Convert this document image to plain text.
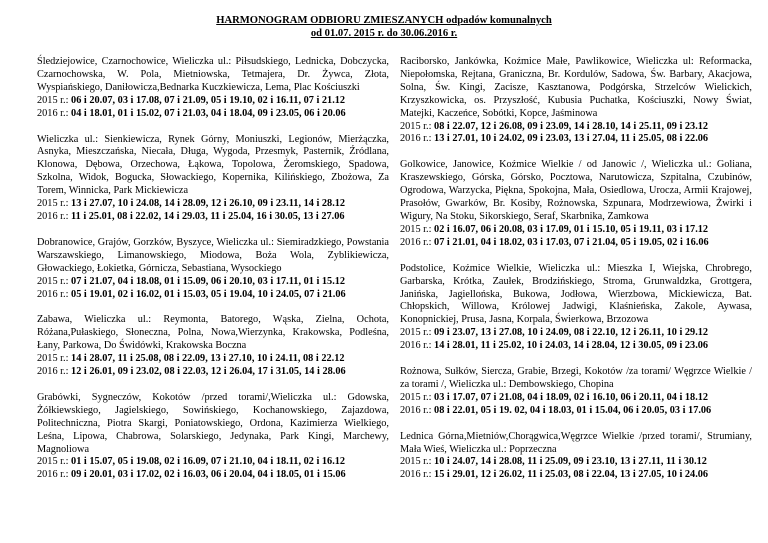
HARMONOGRAM ODBIORU ZMIESZANYCH odpadów komunalnych
od 01.07. 2015 r. do 30.06.2016 r.
Śledziejowice, Czarnochowice, Wieliczka ul.: Piłsudskiego, Lednicka, Dobczycka, Czarnochowska, W. Pola, Mietniowska, Tetmajera, Dr. Żywca, Złota, Wyspiańskiego, Daniłowicza,Bednarka Kuczkiewicza, Lema, Plac Kościuszki
2015 r.: 06 i 20.07, 03 i 17.08, 07 i 21.09, 05 i 19.10, 02 i 16.11, 07 i 21.12
2016 r.: 04 i 18.01, 01 i 15.02, 07 i 21.03, 04 i 18.04, 09 i 23.05, 06 i 20.06
Wieliczka ul.: Sienkiewicza, Rynek Górny, Moniuszki, Legionów, Mierżączka, Asnyka, Mieszczańska, Niecała, Długa, Wygoda, Przesmyk, Pasternik, Źródlana, Klonowa, Dębowa, Orzechowa, Łąkowa, Topolowa, Żeromskiego, Spadowa, Szkolna, Widok, Bogucka, Słowackiego, Kopernika, Kilińskiego, Zbożowa, Za Torem, Winnicka, Park Mickiewicza
2015 r.: 13 i 27.07, 10 i 24.08, 14 i 28.09, 12 i 26.10, 09 i 23.11, 14 i 28.12
2016 r.: 11 i 25.01, 08 i 22.02, 14 i 29.03, 11 i 25.04, 16 i 30.05, 13 i 27.06
Dobranowice, Grajów, Gorzków, Byszyce, Wieliczka ul.: Siemiradzkiego, Powstania Warszawskiego, Limanowskiego, Miodowa, Boża Wola, Zyblikiewicza, Głowackiego, Łokietka, Górnicza, Sebastiana, Wysockiego
2015 r.: 07 i 21.07, 04 i 18.08, 01 i 15.09, 06 i 20.10, 03 i 17.11, 01 i 15.12
2016 r.: 05 i 19.01, 02 i 16.02, 01 i 15.03, 05 i 19.04, 10 i 24.05, 07 i 21.06
Zabawa, Wieliczka ul.: Reymonta, Batorego, Wąska, Zielna, Ochota, Różana,Pułaskiego, Słoneczna, Polna, Nowa,Wierzynka, Krakowska, Podleśna, Łany, Parkowa, Do Świdówki, Krakowska Boczna
2015 r.: 14 i 28.07, 11 i 25.08, 08 i 22.09, 13 i 27.10, 10 i 24.11, 08 i 22.12
2016 r.: 12 i 26.01, 09 i 23.02, 08 i 22.03, 12 i 26.04, 17 i 31.05, 14 i 28.06
Grabówki, Sygneczów, Kokotów /przed torami/,Wieliczka ul.: Gdowska, Żółkiewskiego, Jagielskiego, Sowińskiego, Kochanowskiego, Zajazdowa, Politechniczna, Piotra Skargi, Poniatowskiego, Ordona, Kazimierza Wielkiego, Leśna, Lipowa, Chabrowa, Solarskiego, Jedynaka, Park Kingi, Marchewy, Magnoliowa
2015 r.: 01 i 15.07, 05 i 19.08, 02 i 16.09, 07 i 21.10, 04 i 18.11, 02 i 16.12
2016 r.: 09 i 20.01, 03 i 17.02, 02 i 16.03, 06 i 20.04, 04 i 18.05, 01 i 15.06
Raciborsko, Jankówka, Koźmice Małe, Pawlikowice, Wieliczka ul: Reformacka, Niepołomska, Rejtana, Graniczna, Br. Kordulów, Sadowa, Św. Barbary, Akacjowa, Solna, Św. Kingi, Zacisze, Kasztanowa, Podgórska, Strzelców Wielickich, Krzyszkowicka, os. Przyszłość, Kubusia Puchatka, Kościuszki, Nowy Świat, Matejki, Kaczeńce, Sobótki, Kopce, Jaśminowa
2015 r.: 08 i 22.07, 12 i 26.08, 09 i 23.09, 14 i 28.10, 14 i 25.11, 09 i 23.12
2016 r.: 13 i 27.01, 10 i 24.02, 09 i 23.03, 13 i 27.04, 11 i 25.05, 08 i 22.06
Golkowice, Janowice, Koźmice Wielkie / od Janowic /, Wieliczka ul.: Goliana, Kraszewskiego, Górska, Górsko, Pocztowa, Narutowicza, Szpitalna, Czubinów, Ogrodowa, Warzycka, Piękna, Spokojna, Mała, Osiedlowa, Urocza, Armii Krajowej, Prasołów, Gwarków, Br. Kosiby, Rożnowska, Szpunara, Modrzewiowa, Żwirki i Wigury, Na Stoku, Sikorskiego, Seraf, Skarbnika, Zamkowa
2015 r.: 02 i 16.07, 06 i 20.08, 03 i 17.09, 01 i 15.10, 05 i 19.11, 03 i 17.12
2016 r.: 07 i 21.01, 04 i 18.02, 03 i 17.03, 07 i 21.04, 05 i 19.05, 02 i 16.06
Podstolice, Koźmice Wielkie, Wieliczka ul.: Mieszka I, Wiejska, Chrobrego, Garbarska, Krótka, Zaułek, Brodzińskiego, Stroma, Grunwaldzka, Grottgera, Janińska, Jagiellońska, Bukowa, Jodłowa, Wierzbowa, Mickiewicza, Bat. Chłopskich, Willowa, Królowej Jadwigi, Klaśnieńska, Zakole, Aywasa, Konopnickiej, Prusa, Jasna, Korpala, Świerkowa, Brzozowa
2015 r.: 09 i 23.07, 13 i 27.08, 10 i 24.09, 08 i 22.10, 12 i 26.11, 10 i 29.12
2016 r.: 14 i 28.01, 11 i 25.02, 10 i 24.03, 14 i 28.04, 12 i 30.05, 09 i 23.06
Rożnowa, Sułków, Siercza, Grabie, Brzegi, Kokotów /za torami/ Węgrzce Wielkie / za torami /, Wieliczka ul.: Dembowskiego, Chopina
2015 r.: 03 i 17.07, 07 i 21.08, 04 i 18.09, 02 i 16.10, 06 i 20.11, 04 i 18.12
2016 r.: 08 i 22.01, 05 i 19. 02, 04 i 18.03, 01 i 15.04, 06 i 20.05, 03 i 17.06
Lednica Górna,Mietniów,Chorągwica,Węgrzce Wielkie /przed torami/, Strumiany, Mała Wieś, Wieliczka ul.: Poprzeczna
2015 r.: 10 i 24.07, 14 i 28.08, 11 i 25.09, 09 i 23.10, 13 i 27.11, 11 i 30.12
2016 r.: 15 i 29.01, 12 i 26.02, 11 i 25.03, 08 i 22.04, 13 i 27.05, 10 i 24.06
